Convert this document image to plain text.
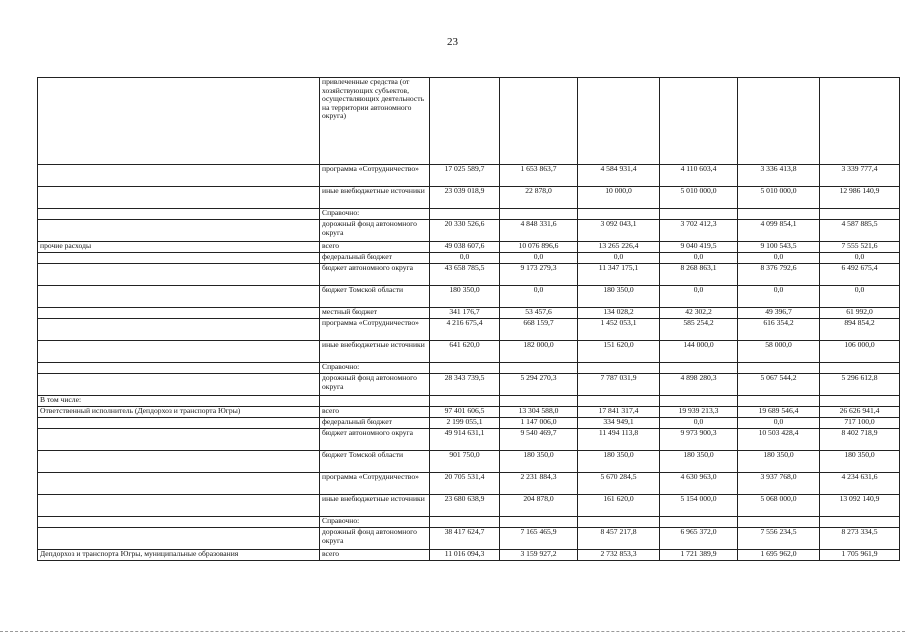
23
	привлеченные средства (от хозяйствующих субъектов, осуществляющих деятельность на территории автономного округа)						
	программа «Сотрудничество»	17 025 589,7	1 653 863,7	4 584 931,4	4 110 603,4	3 336 413,8	3 339 777,4
	иные внебюджетные источники	23 039 018,9	22 878,0	10 000,0	5 010 000,0	5 010 000,0	12 986 140,9
	Справочно:						
	дорожный фонд автономного округа	20 330 526,6	4 848 331,6	3 092 043,1	3 702 412,3	4 099 854,1	4 587 885,5
прочие расходы	всего	49 038 607,6	10 076 896,6	13 265 226,4	9 040 419,5	9 100 543,5	7 555 521,6
	федеральный бюджет	0,0	0,0	0,0	0,0	0,0	0,0
	бюджет автономного округа	43 658 785,5	9 173 279,3	11 347 175,1	8 268 863,1	8 376 792,6	6 492 675,4
	бюджет Томской области	180 350,0	0,0	180 350,0	0,0	0,0	0,0
	местный бюджет	341 176,7	53 457,6	134 028,2	42 302,2	49 396,7	61 992,0
	программа «Сотрудничество»	4 216 675,4	668 159,7	1 452 053,1	585 254,2	616 354,2	894 854,2
	иные внебюджетные источники	641 620,0	182 000,0	151 620,0	144 000,0	58 000,0	106 000,0
	Справочно:						
	дорожный фонд автономного округа	28 343 739,5	5 294 270,3	7 787 031,9	4 898 280,3	5 067 544,2	5 296 612,8
В том числе:							
Ответственный исполнитель (Депдорхоз и транспорта Югры)	всего	97 401 606,5	13 304 588,0	17 841 317,4	19 939 213,3	19 689 546,4	26 626 941,4
	федеральный бюджет	2 199 055,1	1 147 006,0	334 949,1	0,0	0,0	717 100,0
	бюджет автономного округа	49 914 631,1	9 540 469,7	11 494 113,8	9 973 900,3	10 503 428,4	8 402 718,9
	бюджет Томской области	901 750,0	180 350,0	180 350,0	180 350,0	180 350,0	180 350,0
	программа «Сотрудничество»	20 705 531,4	2 231 884,3	5 670 284,5	4 630 963,0	3 937 768,0	4 234 631,6
	иные внебюджетные источники	23 680 638,9	204 878,0	161 620,0	5 154 000,0	5 068 000,0	13 092 140,9
	Справочно:						
	дорожный фонд автономного округа	38 417 624,7	7 165 465,9	8 457 217,8	6 965 372,0	7 556 234,5	8 273 334,5
Депдорхоз и транспорта Югры, муниципальные образования	всего	11 016 094,3	3 159 927,2	2 732 853,3	1 721 389,9	1 695 962,0	1 705 961,9
